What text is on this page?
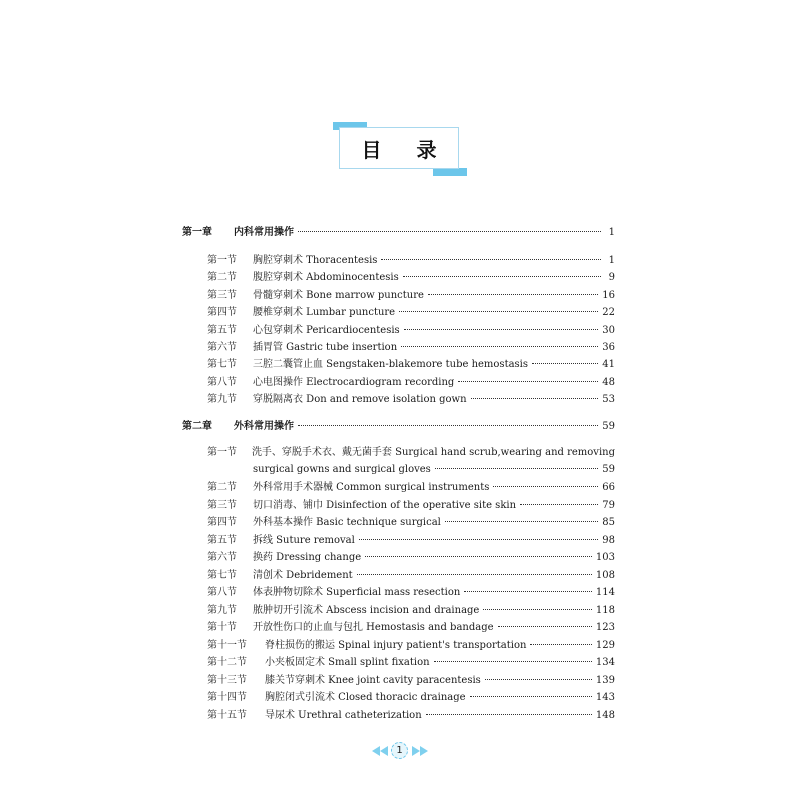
目 录
第一章	内科常用操作	1
第一节	胸腔穿刺术 Thoracentesis	1
第二节	腹腔穿刺术 Abdominocentesis	9
第三节	骨髓穿刺术 Bone marrow puncture	16
第四节	腰椎穿刺术 Lumbar puncture	22
第五节	心包穿刺术 Pericardiocentesis	30
第六节	插胃管 Gastric tube insertion	36
第七节	三腔二囊管止血 Sengstaken-blakemore tube hemostasis	41
第八节	心电图操作 Electrocardiogram recording	48
第九节	穿脱隔离衣 Don and remove isolation gown	53
第二章	外科常用操作	59
第一节	洗手、穿脱手术衣、戴无菌手套 Surgical hand scrub,wearing and removing
surgical gowns and surgical gloves	59
第二节	外科常用手术器械 Common surgical instruments	66
第三节	切口消毒、铺巾 Disinfection of the operative site skin	79
第四节	外科基本操作 Basic technique surgical	85
第五节	拆线 Suture removal	98
第六节	换药 Dressing change	103
第七节	清创术 Debridement	108
第八节	体表肿物切除术 Superficial mass resection	114
第九节	脓肿切开引流术 Abscess incision and drainage	118
第十节	开放性伤口的止血与包扎 Hemostasis and bandage	123
第十一节	脊柱损伤的搬运 Spinal injury patient's transportation	129
第十二节	小夹板固定术 Small splint fixation	134
第十三节	膝关节穿刺术 Knee joint cavity paracentesis	139
第十四节	胸腔闭式引流术 Closed thoracic drainage	143
第十五节	导尿术 Urethral catheterization	148
1
